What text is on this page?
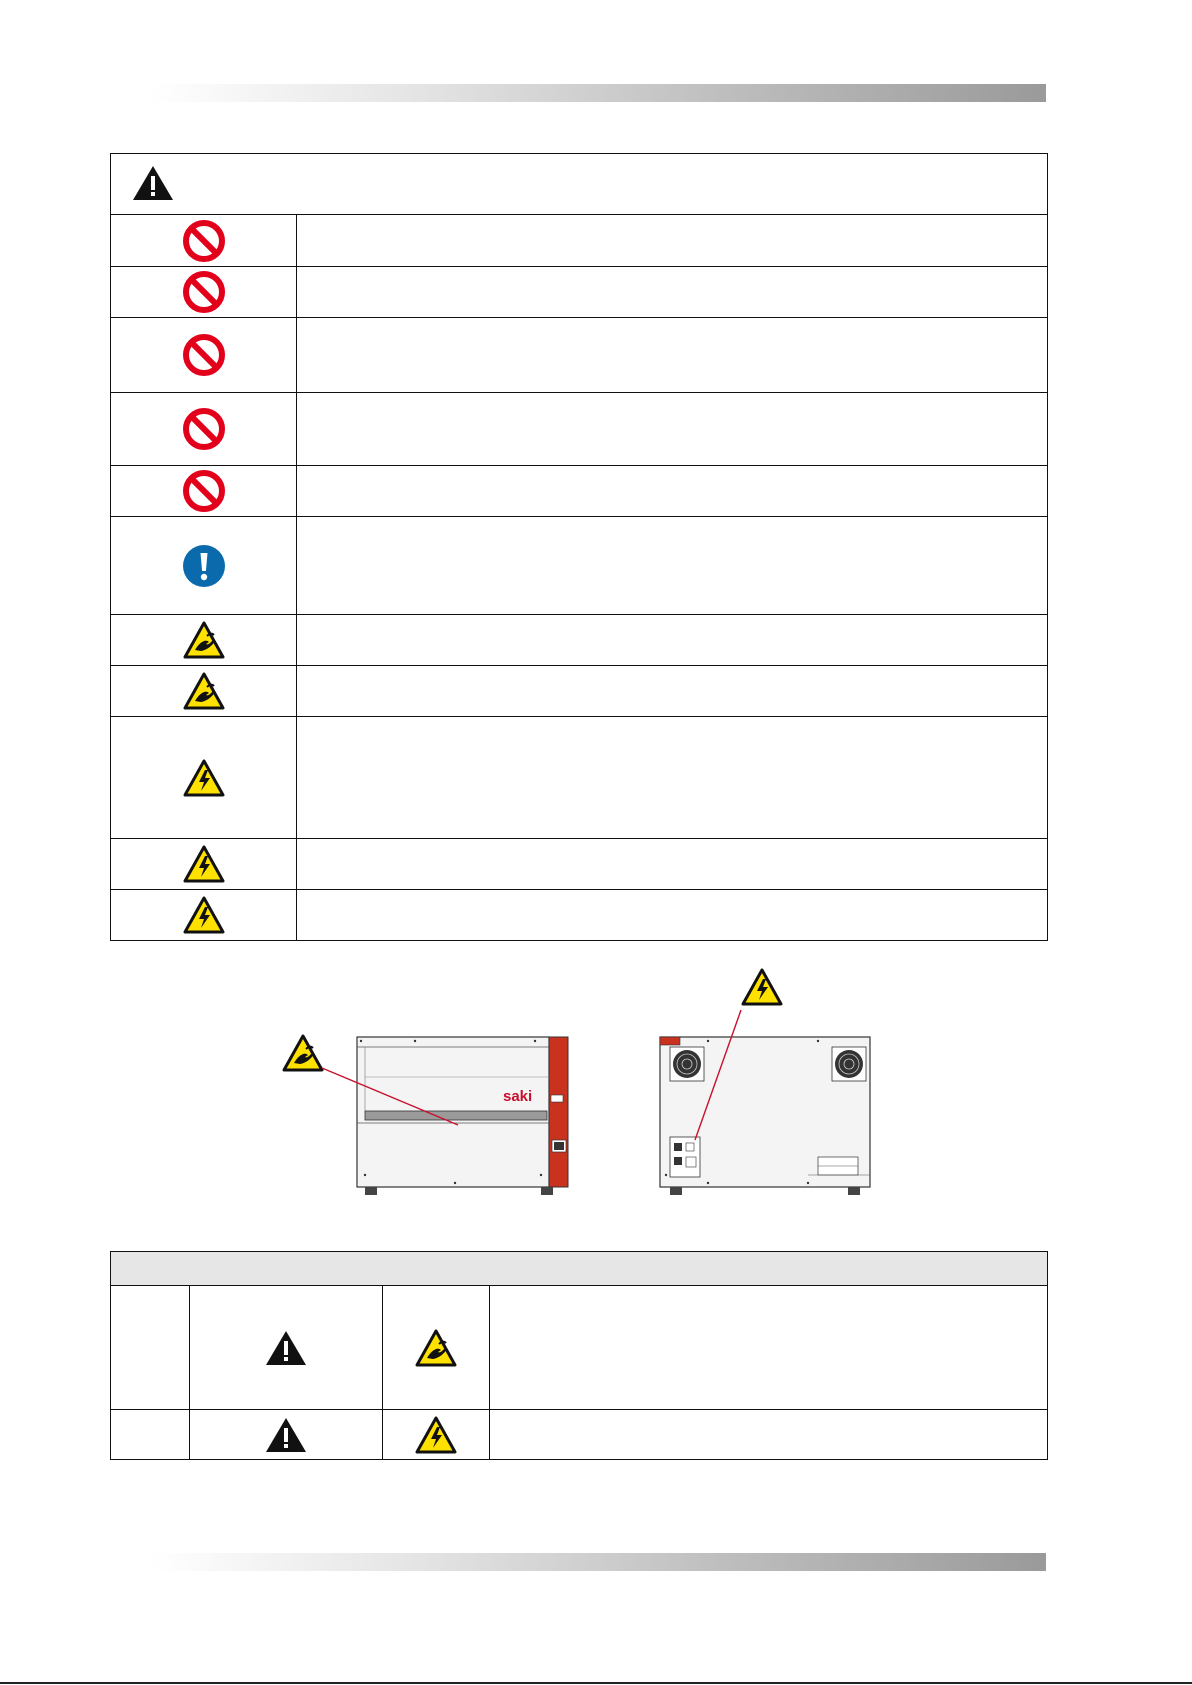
saki
